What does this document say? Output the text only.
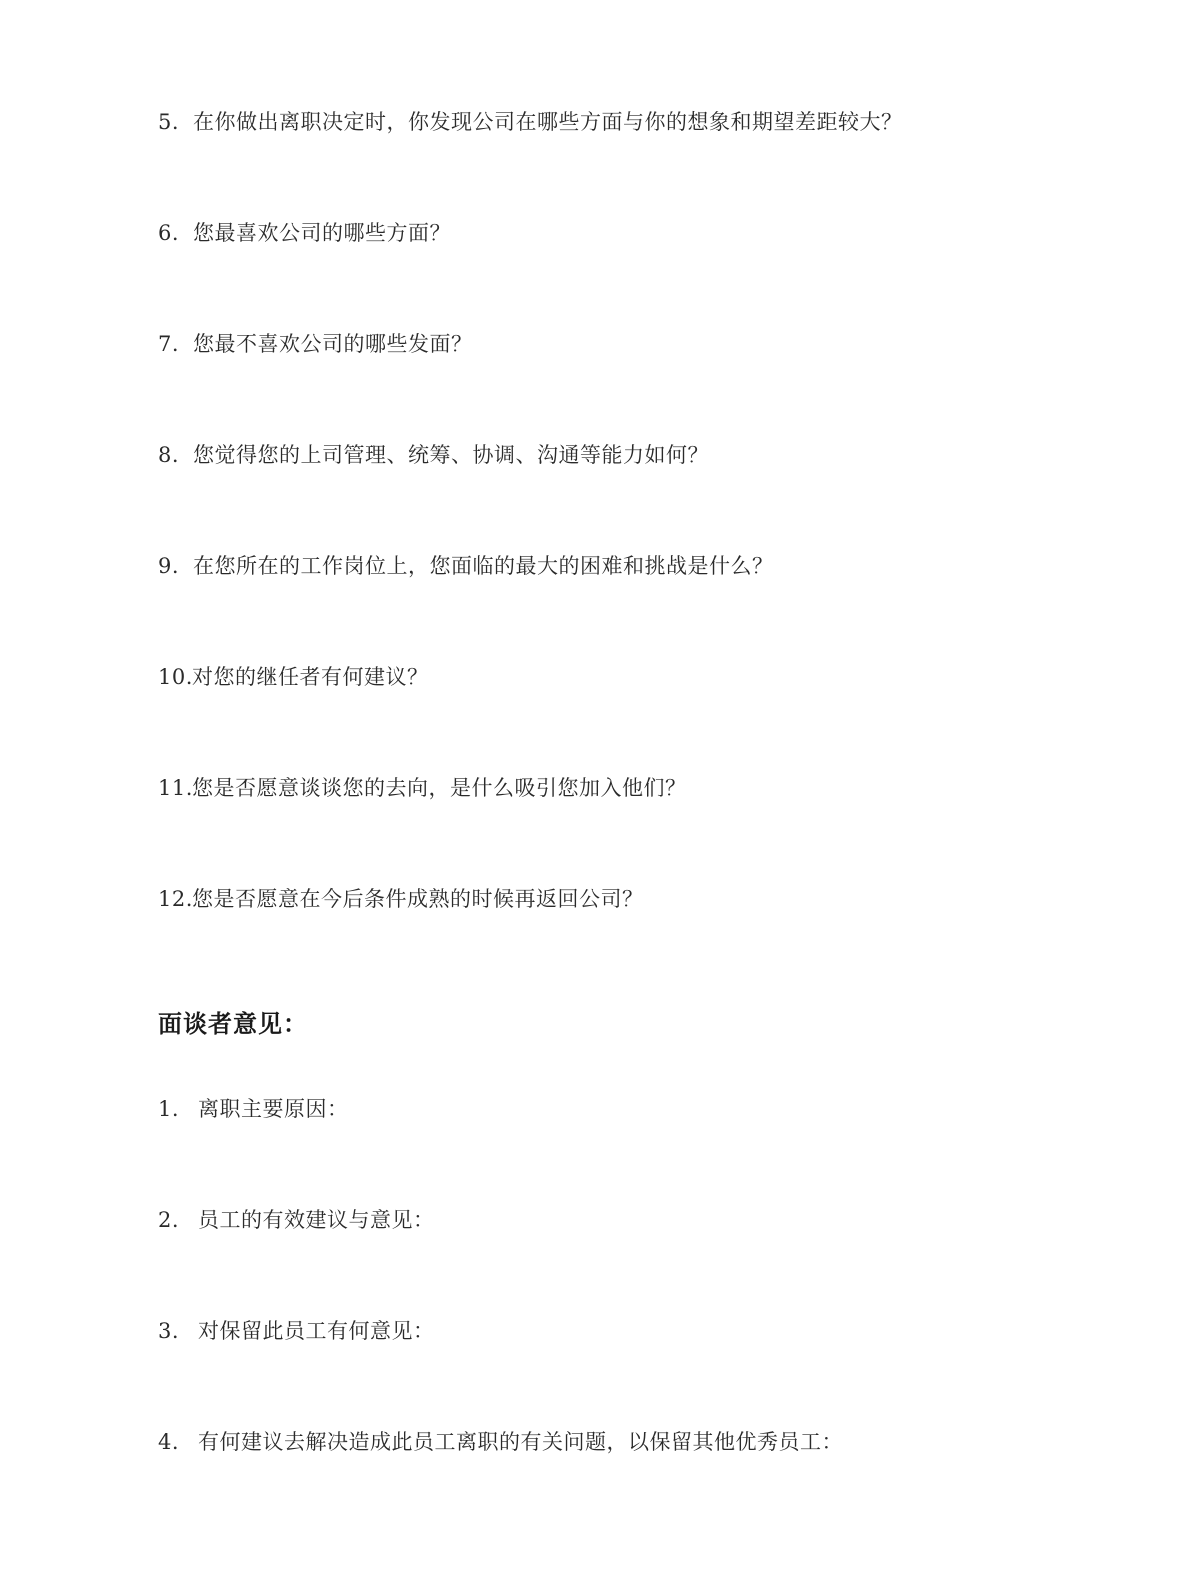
5. 在你做出离职决定时，你发现公司在哪些方面与你的想象和期望差距较大？
6. 您最喜欢公司的哪些方面？
7. 您最不喜欢公司的哪些发面？
8. 您觉得您的上司管理、统筹、协调、沟通等能力如何？
9. 在您所在的工作岗位上，您面临的最大的困难和挑战是什么？
10.对您的继任者有何建议？
11.您是否愿意谈谈您的去向，是什么吸引您加入他们？
12.您是否愿意在今后条件成熟的时候再返回公司？
面谈者意见：
1. 离职主要原因：
2. 员工的有效建议与意见：
3. 对保留此员工有何意见：
4. 有何建议去解决造成此员工离职的有关问题，以保留其他优秀员工：
